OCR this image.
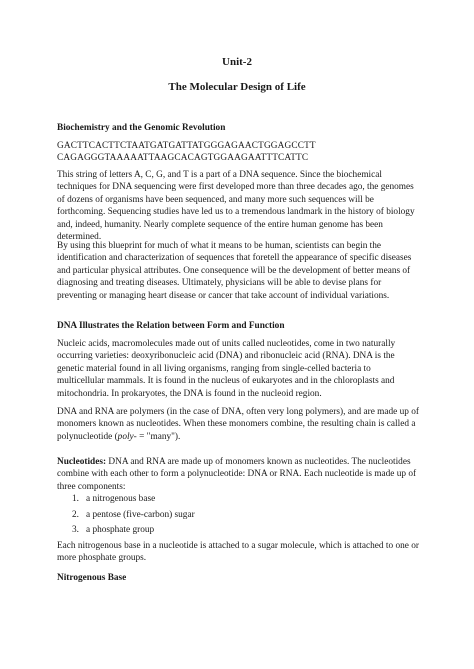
Unit-2

The Molecular Design of Life

Biochemistry and the Genomic Revolution

GACTTCACTTCTAATGATGATTATGGGAGAACTGGAGCCTT

CAGAGGGTAAAAATTAAGCACAGTGGAAGAATTTCATTC

This string of letters A, C, G, and T is a part of a DNA sequence. Since the biochemical techniques for DNA sequencing were first developed more than three decades ago, the genomes of dozens of organisms have been sequenced, and many more such sequences will be forthcoming. Sequencing studies have led us to a tremendous landmark in the history of biology and, indeed, humanity. Nearly complete sequence of the entire human genome has been determined.

By using this blueprint for much of what it means to be human, scientists can begin the identification and characterization of sequences that foretell the appearance of specific diseases and particular physical attributes. One consequence will be the development of better means of diagnosing and treating diseases. Ultimately, physicians will be able to devise plans for preventing or managing heart disease or cancer that take account of individual variations.

DNA Illustrates the Relation between Form and Function

Nucleic acids, macromolecules made out of units called nucleotides, come in two naturally occurring varieties: deoxyribonucleic acid (DNA) and ribonucleic acid (RNA). DNA is the genetic material found in all living organisms, ranging from single-celled bacteria to multicellular mammals. It is found in the nucleus of eukaryotes and in the chloroplasts and mitochondria. In prokaryotes, the DNA is found in the nucleoid region.

DNA and RNA are polymers (in the case of DNA, often very long polymers), and are made up of monomers known as nucleotides. When these monomers combine, the resulting chain is called a polynucleotide (poly- = "many").

Nucleotides: DNA and RNA are made up of monomers known as nucleotides. The nucleotides combine with each other to form a polynucleotide: DNA or RNA. Each nucleotide is made up of three components:

1. a nitrogenous base
2. a pentose (five-carbon) sugar
3. a phosphate group

Each nitrogenous base in a nucleotide is attached to a sugar molecule, which is attached to one or more phosphate groups.

Nitrogenous Base
